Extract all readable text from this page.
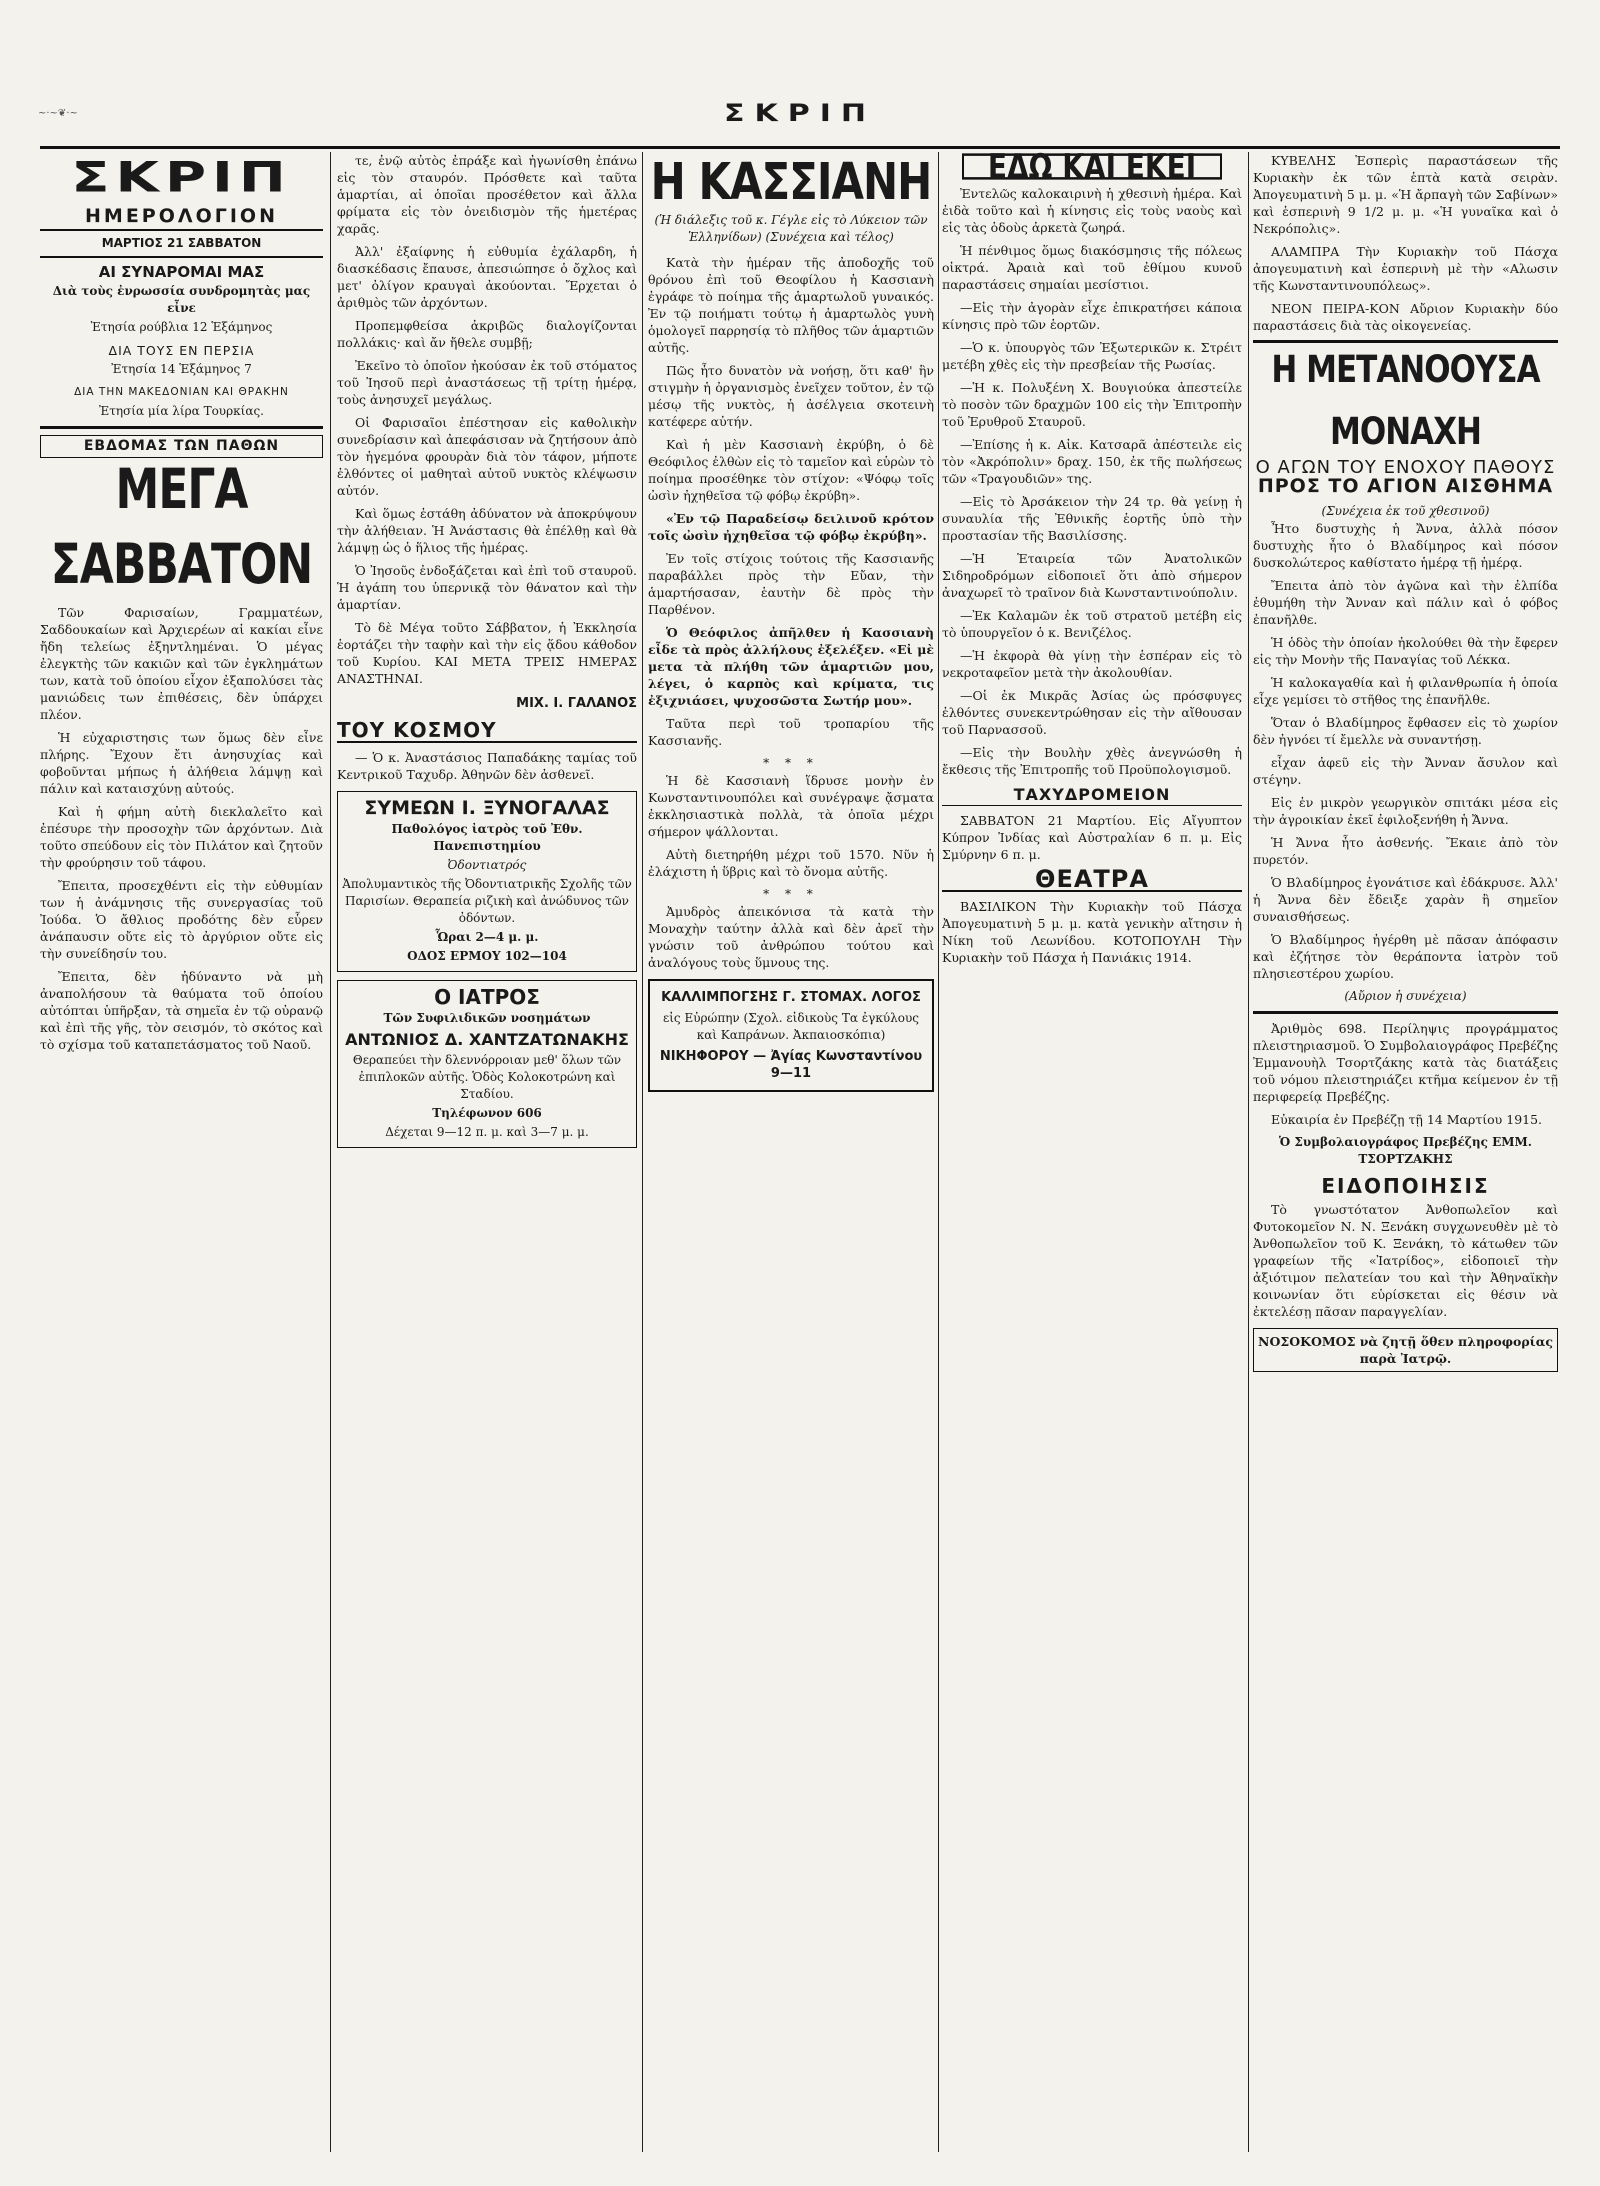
~·~❦·~	ΣΚΡΙΠ
ΣΚΡΙΠ
ΗΜΕΡΟΛΟΓΙΟΝ
ΜΑΡΤΙΟΣ 21 ΣΑΒΒΑΤΟΝ
ΑΙ ΣΥΝΑΡΟΜΑΙ ΜΑΣ
Διὰ τοὺς ἐνρωσσία συνδρομητὰς μας εἶνε
Ἐτησία ρούβλια 12 Ἑξάμηνος
ΔΙΑ ΤΟΥΣ ΕΝ ΠΕΡΣΙΑ
Ἐτησία 14 Ἑξάμηνος 7
ΔΙΑ ΤΗΝ ΜΑΚΕΔΟΝΙΑΝ ΚΑΙ ΘΡΑΚΗΝ
Ἐτησία μία λίρα Τουρκίας.
ΕΒΔΟΜΑΣ ΤΩΝ ΠΑΘΩΝ
ΜΕΓΑ ΣΑΒΒΑΤΟΝ

Τῶν Φαρισαίων, Γραμματέων, Σαδδουκαίων καὶ Ἀρχιερέων αἱ κακίαι εἶνε ἤδη τελείως ἐξηντλημέναι. Ὁ μέγας ἐλεγκτὴς τῶν κακιῶν καὶ τῶν ἐγκλημάτων των, κατὰ τοῦ ὁποίου εἶχον ἐξαπολύσει τὰς μανιώδεις των ἐπιθέσεις, δὲν ὑπάρχει πλέον.

Ἡ εὐχαριστησις των ὅμως δὲν εἶνε πλήρης. Ἔχουν ἔτι ἀνησυχίας καὶ φοβοῦνται μήπως ἡ ἀλήθεια λάμψῃ καὶ πάλιν καὶ καταισχύνῃ αὐτούς.

Καὶ ἡ φήμη αὐτὴ διεκλαλεῖτο καὶ ἐπέσυρε τὴν προσοχὴν τῶν ἀρχόντων. Διὰ τοῦτο σπεύδουν εἰς τὸν Πιλάτον καὶ ζητοῦν τὴν φρούρησιν τοῦ τάφου.

Ἔπειτα, προσεχθέντι εἰς τὴν εὐθυμίαν των ἡ ἀνάμνησις τῆς συνεργασίας τοῦ Ἰούδα. Ὁ ἄθλιος προδότης δὲν εὗρεν ἀνάπαυσιν οὔτε εἰς τὸ ἀργύριον οὔτε εἰς τὴν συνείδησίν του.

Ἔπειτα, δὲν ἠδύναντο νὰ μὴ ἀναπολήσουν τὰ θαύματα τοῦ ὁποίου αὐτόπται ὑπῆρξαν, τὰ σημεῖα ἐν τῷ οὐρανῷ καὶ ἐπὶ τῆς γῆς, τὸν σεισμόν, τὸ σκότος καὶ τὸ σχίσμα τοῦ καταπετάσματος τοῦ Ναοῦ.

τε, ἐνῷ αὐτὸς ἐπράξε καὶ ἠγωνίσθη ἐπάνω εἰς τὸν σταυρόν. Πρόσθετε καὶ ταῦτα ἁμαρτίαι, αἱ ὁποῖαι προσέθετον καὶ ἄλλα φρίματα εἰς τὸν ὀνειδισμὸν τῆς ἡμετέρας χαρᾶς.

Ἀλλ' ἐξαίφνης ἡ εὐθυμία ἐχάλαρδη, ἡ διασκέδασις ἔπαυσε, ἀπεσιώπησε ὁ ὄχλος καὶ μετ' ὀλίγον κραυγαὶ ἀκούονται. Ἔρχεται ὁ ἀριθμὸς τῶν ἀρχόντων.

Προπεμφθείσα ἀκριβῶς διαλογίζονται πολλάκις· καὶ ἄν ἤθελε συμβῇ;

Ἐκεῖνο τὸ ὁποῖον ἠκούσαν ἐκ τοῦ στόματος τοῦ Ἰησοῦ περὶ ἀναστάσεως τῇ τρίτῃ ἡμέρᾳ, τοὺς ἀνησυχεῖ μεγάλως.

Οἱ Φαρισαῖοι ἐπέστησαν εἰς καθολικὴν συνεδρίασιν καὶ ἀπεφάσισαν νὰ ζητήσουν ἀπὸ τὸν ἡγεμόνα φρουρὰν διὰ τὸν τάφον, μήποτε ἐλθόντες οἱ μαθηταὶ αὐτοῦ νυκτὸς κλέψωσιν αὐτόν.

Καὶ ὅμως ἐστάθη ἀδύνατον νὰ ἀποκρύψουν τὴν ἀλήθειαν. Ἡ Ἀνάστασις θὰ ἐπέλθῃ καὶ θὰ λάμψῃ ὡς ὁ ἥλιος τῆς ἡμέρας.

Ὁ Ἰησοῦς ἐνδοξάζεται καὶ ἐπὶ τοῦ σταυροῦ. Ἡ ἀγάπη του ὑπερνικᾷ τὸν θάνατον καὶ τὴν ἁμαρτίαν.

Τὸ δὲ Μέγα τοῦτο Σάββατον, ἡ Ἐκκλησία ἑορτάζει τὴν ταφὴν καὶ τὴν εἰς ᾅδου κάθοδον τοῦ Κυρίου. ΚΑΙ ΜΕΤΑ ΤΡΕΙΣ ΗΜΕΡΑΣ ΑΝΑΣΤΗΝΑΙ.

ΜΙΧ. Ι. ΓΑΛΑΝΟΣ
ΤΟΥ ΚΟΣΜΟΥ

— Ὁ κ. Ἀναστάσιος Παπαδάκης ταμίας τοῦ Κεντρικοῦ Ταχυδρ. Ἀθηνῶν δὲν ἀσθενεῖ.

ΣΥΜΕΩΝ Ι. ΞΥΝΟΓΑΛΑΣ
Παθολόγος ἰατρὸς τοῦ Ἐθν. Πανεπιστημίου
Ὀδοντιατρός
Ἀπολυμαντικὸς τῆς Ὀδοντιατρικῆς Σχολῆς τῶν Παρισίων. Θεραπεία ριζικὴ καὶ ἀνώδυνος τῶν ὀδόντων.
Ὧραι 2—4 μ. μ.
ΟΔΟΣ ΕΡΜΟΥ 102—104
Ο ΙΑΤΡΟΣ
Τῶν Συφιλιδικῶν νοσημάτων
ΑΝΤΩΝΙΟΣ Δ. ΧΑΝΤΖΑΤΩΝΑΚΗΣ
Θεραπεύει τὴν δλεννόρροιαν μεθ' ὅλων τῶν ἐπιπλοκῶν αὐτῆς. Ὁδὸς Κολοκοτρώνη καὶ Σταδίου.
Τηλέφωνον 606
Δέχεται 9—12 π. μ. καὶ 3—7 μ. μ.
Η ΚΑΣΣΙΑΝΗ
(Ἡ διάλεξις τοῦ κ. Γέγλε εἰς τὸ Λύκειον τῶν Ἑλληνίδων) (Συνέχεια καὶ τέλος)

Κατὰ τὴν ἡμέραν τῆς ἀποδοχῆς τοῦ θρόνου ἐπὶ τοῦ Θεοφίλου ἡ Κασσιανὴ ἐγράφε τὸ ποίημα τῆς ἁμαρτωλοῦ γυναικός. Ἐν τῷ ποιήματι τούτῳ ἡ ἁμαρτωλὸς γυνὴ ὁμολογεῖ παρρησίᾳ τὸ πλῆθος τῶν ἁμαρτιῶν αὐτῆς.

Πῶς ἦτο δυνατὸν νὰ νοήσῃ, ὅτι καθ' ἣν στιγμὴν ἡ ὀργανισμὸς ἐνεῖχεν τοῦτον, ἐν τῷ μέσῳ τῆς νυκτὸς, ἡ ἀσέλγεια σκοτεινὴ κατέφερε αὐτήν.

Καὶ ἡ μὲν Κασσιανὴ ἐκρύβη, ὁ δὲ Θεόφιλος ἐλθὼν εἰς τὸ ταμεῖον καὶ εὑρὼν τὸ ποίημα προσέθηκε τὸν στίχον: «Ψόφῳ τοῖς ὠσὶν ἠχηθεῖσα τῷ φόβῳ ἐκρύβη».

«Ἐν τῷ Παραδείσῳ δειλινοῦ κρότον τοῖς ὠσὶν ἠχηθεῖσα τῷ φόβῳ ἐκρύβη».

Ἐν τοῖς στίχοις τούτοις τῆς Κασσιανῆς παραβάλλει πρὸς τὴν Εὔαν, τὴν ἁμαρτήσασαν, ἑαυτὴν δὲ πρὸς τὴν Παρθένον.

Ὁ Θεόφιλος ἀπῆλθεν ἡ Κασσιανὴ εἶδε τὰ πρὸς ἀλλήλους ἐξελέξεν. «Εἰ μὲ μετα τὰ πλήθη τῶν ἁμαρτιῶν μου, λέγει, ὁ καρπὸς καὶ κρίματα, τις ἐξιχνιάσει, ψυχοσῶστα Σωτήρ μου».

Ταῦτα περὶ τοῦ τροπαρίου τῆς Κασσιανῆς.

* * *

Ἡ δὲ Κασσιανὴ ἵδρυσε μονὴν ἐν Κωνσταντινουπόλει καὶ συνέγραψε ᾄσματα ἐκκλησιαστικὰ πολλὰ, τὰ ὁποῖα μέχρι σήμερον ψάλλονται.

Αὐτὴ διετηρήθη μέχρι τοῦ 1570. Νῦν ἡ ἐλάχιστη ἡ ὕβρις καὶ τὸ ὄνομα αὐτῆς.

* * *

Ἀμυδρὸς ἀπεικόνισα τὰ κατὰ τὴν Μοναχὴν ταύτην ἀλλὰ καὶ δὲν ἀρεῖ τὴν γνώσιν τοῦ ἀνθρώπου τούτου καὶ ἀναλόγους τοὺς ὕμνους της.

ΚΑΛΛΙΜΠΟΓΣΗΣ Γ. ΣΤΟΜΑΧ. ΛΟΓΟΣ
εἰς Εὐρώπην (Σχολ. εἰδικοὺς Τα ἐγκύλους καὶ Καπράνων. Ἀκπαιοσκόπια)
ΝΙΚΗΦΟΡΟΥ — Ἀγίας Κωνσταντίνου 9—11
ΕΔΩ ΚΑΙ ΕΚΕΙ

Ἐντελῶς καλοκαιρινὴ ἡ χθεσινὴ ἡμέρα. Καὶ ἐιδὰ τοῦτο καὶ ἡ κίνησις εἰς τοὺς ναοὺς καὶ εἰς τὰς ὁδοὺς ἀρκετὰ ζωηρά.

Ἡ πένθιμος ὅμως διακόσμησις τῆς πόλεως οἰκτρά. Ἀραιὰ καὶ τοῦ ἐθίμου κυνοῦ παραστάσεις σημαίαι μεσίστιοι.

—Εἰς τὴν ἀγορὰν εἶχε ἐπικρατήσει κάποια κίνησις πρὸ τῶν ἑορτῶν.

—Ὁ κ. ὑπουργὸς τῶν Ἐξωτερικῶν κ. Στρέιτ μετέβη χθὲς εἰς τὴν πρεσβείαν τῆς Ρωσίας.

—Ἡ κ. Πολυξένη Χ. Βουγιούκα ἀπεστείλε τὸ ποσὸν τῶν δραχμῶν 100 εἰς τὴν Ἐπιτροπὴν τοῦ Ἐρυθροῦ Σταυροῦ.

—Ἐπίσης ἡ κ. Αἰκ. Κατσαρᾶ ἀπέστειλε εἰς τὸν «Ἀκρόπολιν» δραχ. 150, ἐκ τῆς πωλήσεως τῶν «Τραγουδιῶν» της.

—Εἰς τὸ Ἀρσάκειον τὴν 24 τρ. θὰ γείνῃ ἡ συναυλία τῆς Ἐθνικῆς ἑορτῆς ὑπὸ τὴν προστασίαν τῆς Βασιλίσσης.

—Ἡ Ἑταιρεία τῶν Ἀνατολικῶν Σιδηροδρόμων εἰδοποιεῖ ὅτι ἀπὸ σήμερον ἀναχωρεῖ τὸ τραῖνον διὰ Κωνσταντινούπολιν.

—Ἐκ Καλαμῶν ἐκ τοῦ στρατοῦ μετέβη εἰς τὸ ὑπουργεῖον ὁ κ. Βενιζέλος.

—Ἡ ἐκφορὰ θὰ γίνῃ τὴν ἑσπέραν εἰς τὸ νεκροταφεῖον μετὰ τὴν ἀκολουθίαν.

—Οἱ ἐκ Μικρᾶς Ἀσίας ὡς πρόσφυγες ἐλθόντες συνεκεντρώθησαν εἰς τὴν αἴθουσαν τοῦ Παρνασσοῦ.

—Εἰς τὴν Βουλὴν χθὲς ἀνεγνώσθη ἡ ἔκθεσις τῆς Ἐπιτροπῆς τοῦ Προϋπολογισμοῦ.

ΤΑΧΥΔΡΟΜΕΙΟΝ

ΣΑΒΒΑΤΟΝ 21 Μαρτίου. Εἰς Αἴγυπτον Κύπρον Ἰνδίας καὶ Αὐστραλίαν 6 π. μ. Εἰς Σμύρνην 6 π. μ.

ΘΕΑΤΡΑ

ΒΑΣΙΛΙΚΟΝ Τὴν Κυριακὴν τοῦ Πάσχα Ἀπογευματινὴ 5 μ. μ. κατὰ γενικὴν αἴτησιν ἡ Νίκη τοῦ Λεωνίδου. ΚΟΤΟΠΟΥΛΗ Τὴν Κυριακὴν τοῦ Πάσχα ἡ Πανιάκις 1914.

ΚΥΒΕΛΗΣ Ἑσπερὶς παραστάσεων τῆς Κυριακὴν ἐκ τῶν ἑπτὰ κατὰ σειρὰν. Ἀπογευματινὴ 5 μ. μ. «Ἡ ἄρπαγὴ τῶν Σαβίνων» καὶ ἑσπερινὴ 9 1/2 μ. μ. «Ἡ γυναῖκα καὶ ὁ Νεκρόπολις».

ΑΛΑΜΠΡΑ Τὴν Κυριακὴν τοῦ Πάσχα ἀπογευματινὴ καὶ ἑσπερινὴ μὲ τὴν «Αλωσιν τῆς Κωνσταντινουπόλεως».

ΝΕΟΝ ΠΕΙΡΑ-ΚΟΝ Αὔριον Κυριακὴν δύο παραστάσεις διὰ τὰς οἰκογενείας.

Η ΜΕΤΑΝΟΟΥΣΑ ΜΟΝΑΧΗ
Ο ΑΓΩΝ ΤΟΥ ΕΝΟΧΟΥ ΠΑΘΟΥΣ
ΠΡΟΣ ΤΟ ΑΓΙΟΝ ΑΙΣΘΗΜΑ
(Συνέχεια ἐκ τοῦ χθεσινοῦ)

Ἦτο δυστυχὴς ἡ Ἄννα, ἀλλὰ πόσον δυστυχὴς ἦτο ὁ Βλαδίμηρος καὶ πόσον δυσκολώτερος καθίστατο ἡμέρᾳ τῇ ἡμέρᾳ.

Ἔπειτα ἀπὸ τὸν ἀγῶνα καὶ τὴν ἐλπίδα ἐθυμήθη τὴν Ἄνναν καὶ πάλιν καὶ ὁ φόβος ἐπανῆλθε.

Ἡ ὁδὸς τὴν ὁποίαν ἠκολούθει θὰ τὴν ἔφερεν εἰς τὴν Μονὴν τῆς Παναγίας τοῦ Λέκκα.

Ἡ καλοκαγαθία καὶ ἡ φιλανθρωπία ἡ ὁποία εἶχε γεμίσει τὸ στῆθος της ἐπανῆλθε.

Ὅταν ὁ Βλαδίμηρος ἔφθασεν εἰς τὸ χωρίον δὲν ἠγνόει τί ἔμελλε νὰ συναντήσῃ.

εἶχαν ἀφεῦ εἰς τὴν Ἄνναν ἄσυλον καὶ στέγην.

Εἰς ἐν μικρὸν γεωργικὸν σπιτάκι μέσα εἰς τὴν ἀγροικίαν ἐκεῖ ἐφιλοξενήθη ἡ Ἄννα.

Ἡ Ἄννα ἦτο ἀσθενής. Ἔκαιε ἀπὸ τὸν πυρετόν.

Ὁ Βλαδίμηρος ἐγονάτισε καὶ ἐδάκρυσε. Ἀλλ' ἡ Ἄννα δὲν ἔδειξε χαρὰν ἢ σημεῖον συναισθήσεως.

Ὁ Βλαδίμηρος ἠγέρθη μὲ πᾶσαν ἀπόφασιν καὶ ἐζήτησε τὸν θεράποντα ἰατρὸν τοῦ πλησιεστέρου χωρίου.

(Αὔριον ἡ συνέχεια)

Ἀριθμὸς 698. Περίληψις προγράμματος πλειστηριασμοῦ. Ὁ Συμβολαιογράφος Πρεβέζης Ἐμμανουὴλ Τσορτζάκης κατὰ τὰς διατάξεις τοῦ νόμου πλειστηριάζει κτῆμα κείμενον ἐν τῇ περιφερείᾳ Πρεβέζης.

Εὐκαιρία ἐν Πρεβέζῃ τῇ 14 Μαρτίου 1915.

Ὁ Συμβολαιογράφος Πρεβέζης ΕΜΜ. ΤΣΟΡΤΖΑΚΗΣ
ΕΙΔΟΠΟΙΗΣΙΣ

Τὸ γνωστότατον Ἀνθοπωλεῖον καὶ Φυτοκομεῖον Ν. Ν. Ξενάκη συγχωνευθὲν μὲ τὸ Ἀνθοπωλεῖον τοῦ Κ. Ξενάκη, τὸ κάτωθεν τῶν γραφείων τῆς «Ἰατρίδος», εἰδοποιεῖ τὴν ἀξιότιμον πελατείαν του καὶ τὴν Ἀθηναϊκὴν κοινωνίαν ὅτι εὑρίσκεται εἰς θέσιν νὰ ἐκτελέσῃ πᾶσαν παραγγελίαν.

ΝΟΣΟΚΟΜΟΣ νὰ ζητῇ ὅθεν πληροφορίας παρὰ Ἰατρῷ.
